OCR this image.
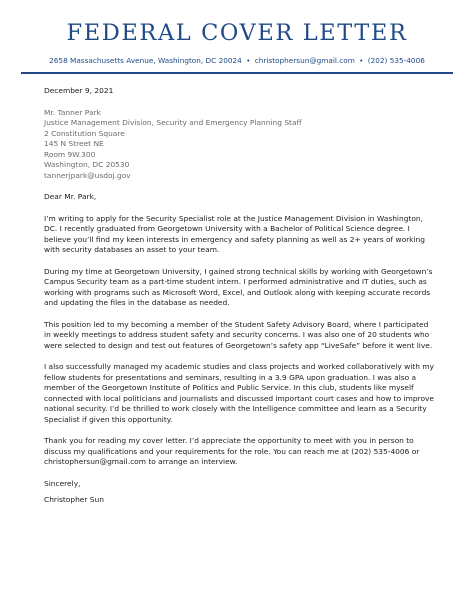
FEDERAL COVER LETTER
2658 Massachusetts Avenue, Washington, DC 20024 • christophersun@gmail.com • (202) 535-4006

December 9, 2021

Mr. Tanner Park
Justice Management Division, Security and Emergency Planning Staff
2 Constitution Square
145 N Street NE
Room 9W.300
Washington, DC 20530
tannerjpark@usdoj.gov

Dear Mr. Park,

I’m writing to apply for the Security Specialist role at the Justice Management Division in Washington, DC. I recently graduated from Georgetown University with a Bachelor of Political Science degree. I believe you’ll find my keen interests in emergency and safety planning as well as 2+ years of working with security databases an asset to your team.

During my time at Georgetown University, I gained strong technical skills by working with Georgetown’s Campus Security team as a part-time student intern. I performed administrative and IT duties, such as working with programs such as Microsoft Word, Excel, and Outlook along with keeping accurate records and updating the files in the database as needed.

This position led to my becoming a member of the Student Safety Advisory Board, where I participated in weekly meetings to address student safety and security concerns. I was also one of 20 students who were selected to design and test out features of Georgetown’s safety app “LiveSafe” before it went live.

I also successfully managed my academic studies and class projects and worked collaboratively with my fellow students for presentations and seminars, resulting in a 3.9 GPA upon graduation. I was also a member of the Georgetown Institute of Politics and Public Service. In this club, students like myself connected with local politicians and journalists and discussed important court cases and how to improve national security. I’d be thrilled to work closely with the Intelligence committee and learn as a Security Specialist if given this opportunity.

Thank you for reading my cover letter. I’d appreciate the opportunity to meet with you in person to discuss my qualifications and your requirements for the role. You can reach me at (202) 535-4006 or christophersun@gmail.com to arrange an interview.

Sincerely,

Christopher Sun
